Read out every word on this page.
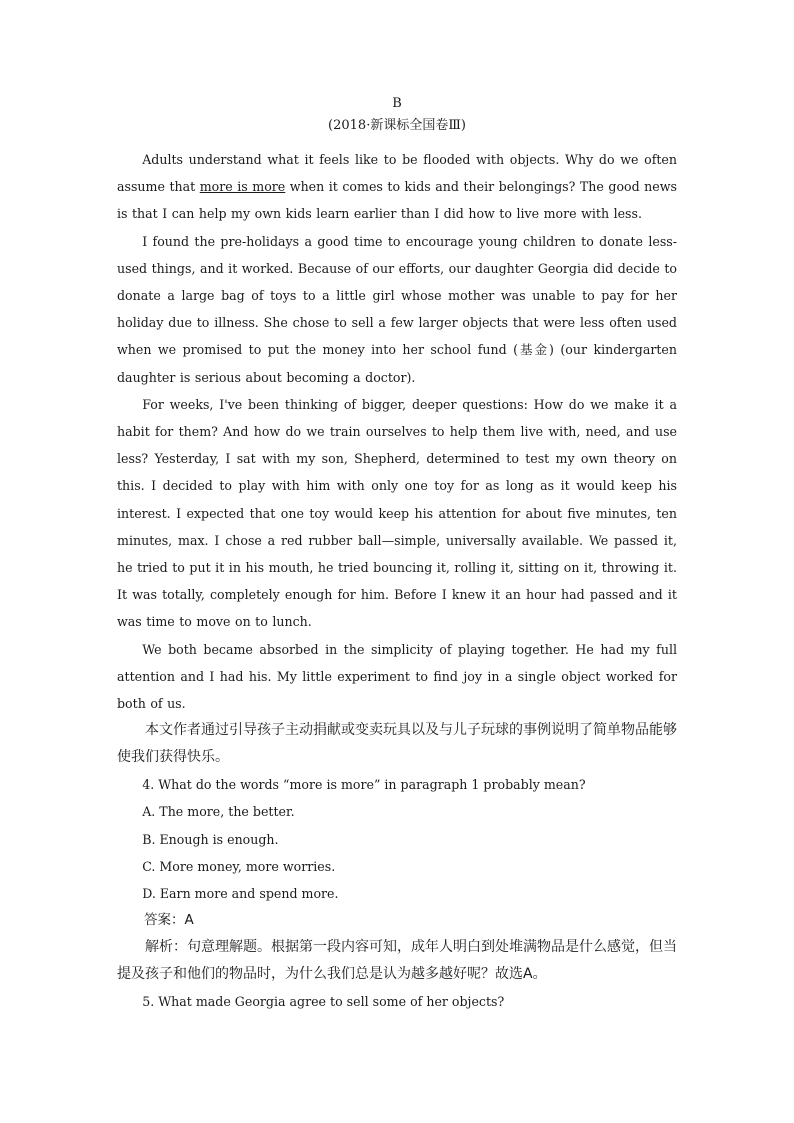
B
(2018·新课标全国卷Ⅲ)

Adults understand what it feels like to be flooded with objects. Why do we often assume that more is more when it comes to kids and their belongings? The good news is that I can help my own kids learn earlier than I did how to live more with less.

I found the pre-holidays a good time to encourage young children to donate less-used things, and it worked. Because of our efforts, our daughter Georgia did decide to donate a large bag of toys to a little girl whose mother was unable to pay for her holiday due to illness. She chose to sell a few larger objects that were less often used when we promised to put the money into her school fund (基金) (our kindergarten daughter is serious about becoming a doctor).

For weeks, I've been thinking of bigger, deeper questions: How do we make it a habit for them? And how do we train ourselves to help them live with, need, and use less? Yesterday, I sat with my son, Shepherd, determined to test my own theory on this. I decided to play with him with only one toy for as long as it would keep his interest. I expected that one toy would keep his attention for about five minutes, ten minutes, max. I chose a red rubber ball—simple, universally available. We passed it, he tried to put it in his mouth, he tried bouncing it, rolling it, sitting on it, throwing it. It was totally, completely enough for him. Before I knew it an hour had passed and it was time to move on to lunch.

We both became absorbed in the simplicity of playing together. He had my full attention and I had his. My little experiment to find joy in a single object worked for both of us.

本文作者通过引导孩子主动捐献或变卖玩具以及与儿子玩球的事例说明了简单物品能够使我们获得快乐。

4. What do the words “more is more” in paragraph 1 probably mean?

A. The more, the better.

B. Enough is enough.

C. More money, more worries.

D. Earn more and spend more.

答案：A

解析：句意理解题。根据第一段内容可知，成年人明白到处堆满物品是什么感觉，但当提及孩子和他们的物品时，为什么我们总是认为越多越好呢？故选A。

5. What made Georgia agree to sell some of her objects?
